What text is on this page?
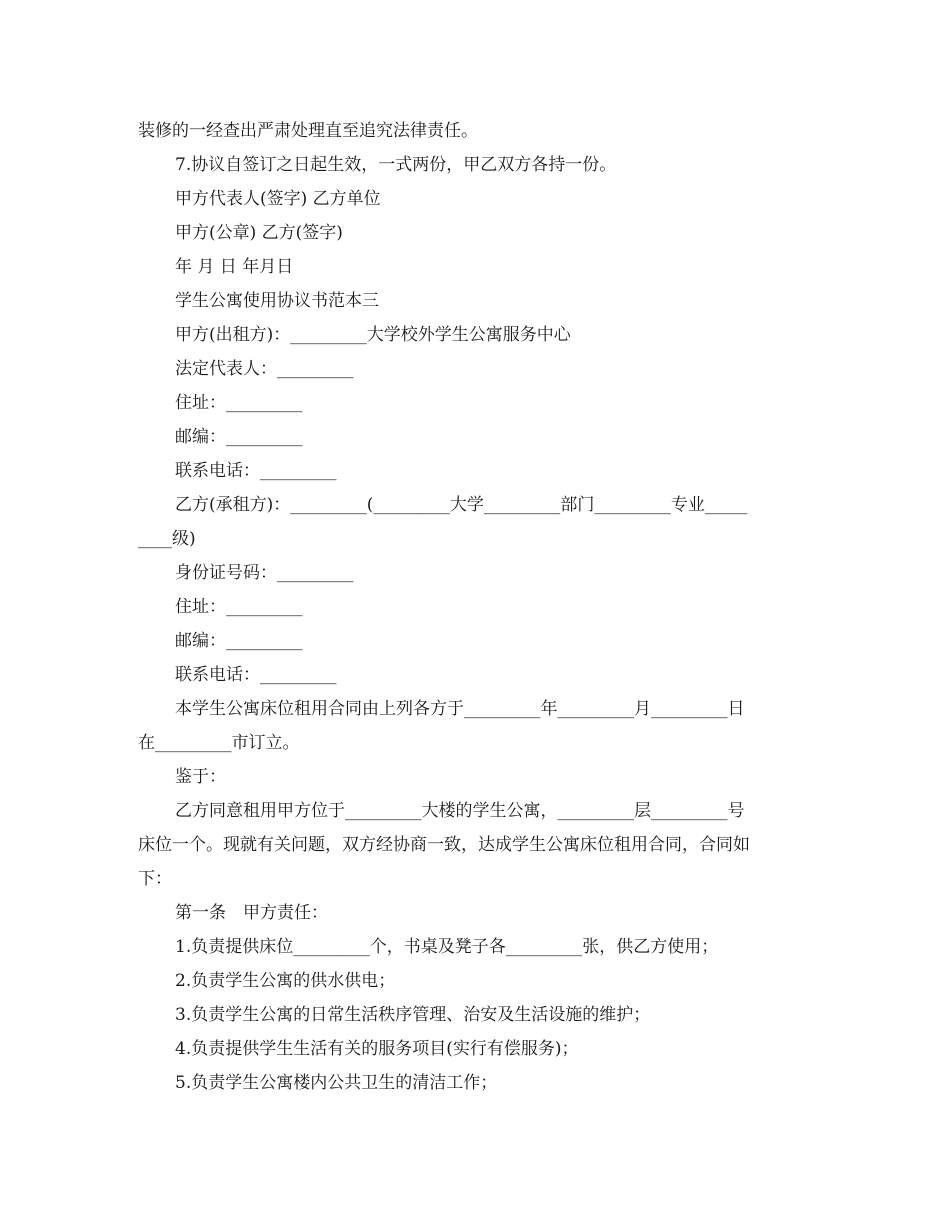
装修的一经查出严肃处理直至追究法律责任。
7.协议自签订之日起生效，一式两份，甲乙双方各持一份。
甲方代表人(签字) 乙方单位
甲方(公章) 乙方(签字)
年 月 日 年月日
学生公寓使用协议书范本三
甲方(出租方)：_________大学校外学生公寓服务中心
法定代表人：_________
住址：_________
邮编：_________
联系电话：_________
乙方(承租方)：_________(_________大学_________部门_________专业_____
____级)
身份证号码：_________
住址：_________
邮编：_________
联系电话：_________
本学生公寓床位租用合同由上列各方于_________年_________月_________日
在_________市订立。
鉴于：
乙方同意租用甲方位于_________大楼的学生公寓，_________层_________号
床位一个。现就有关问题，双方经协商一致，达成学生公寓床位租用合同，合同如
下：
第一条　甲方责任：
1.负责提供床位_________个，书桌及凳子各_________张，供乙方使用；
2.负责学生公寓的供水供电；
3.负责学生公寓的日常生活秩序管理、治安及生活设施的维护；
4.负责提供学生生活有关的服务项目(实行有偿服务)；
5.负责学生公寓楼内公共卫生的清洁工作；
